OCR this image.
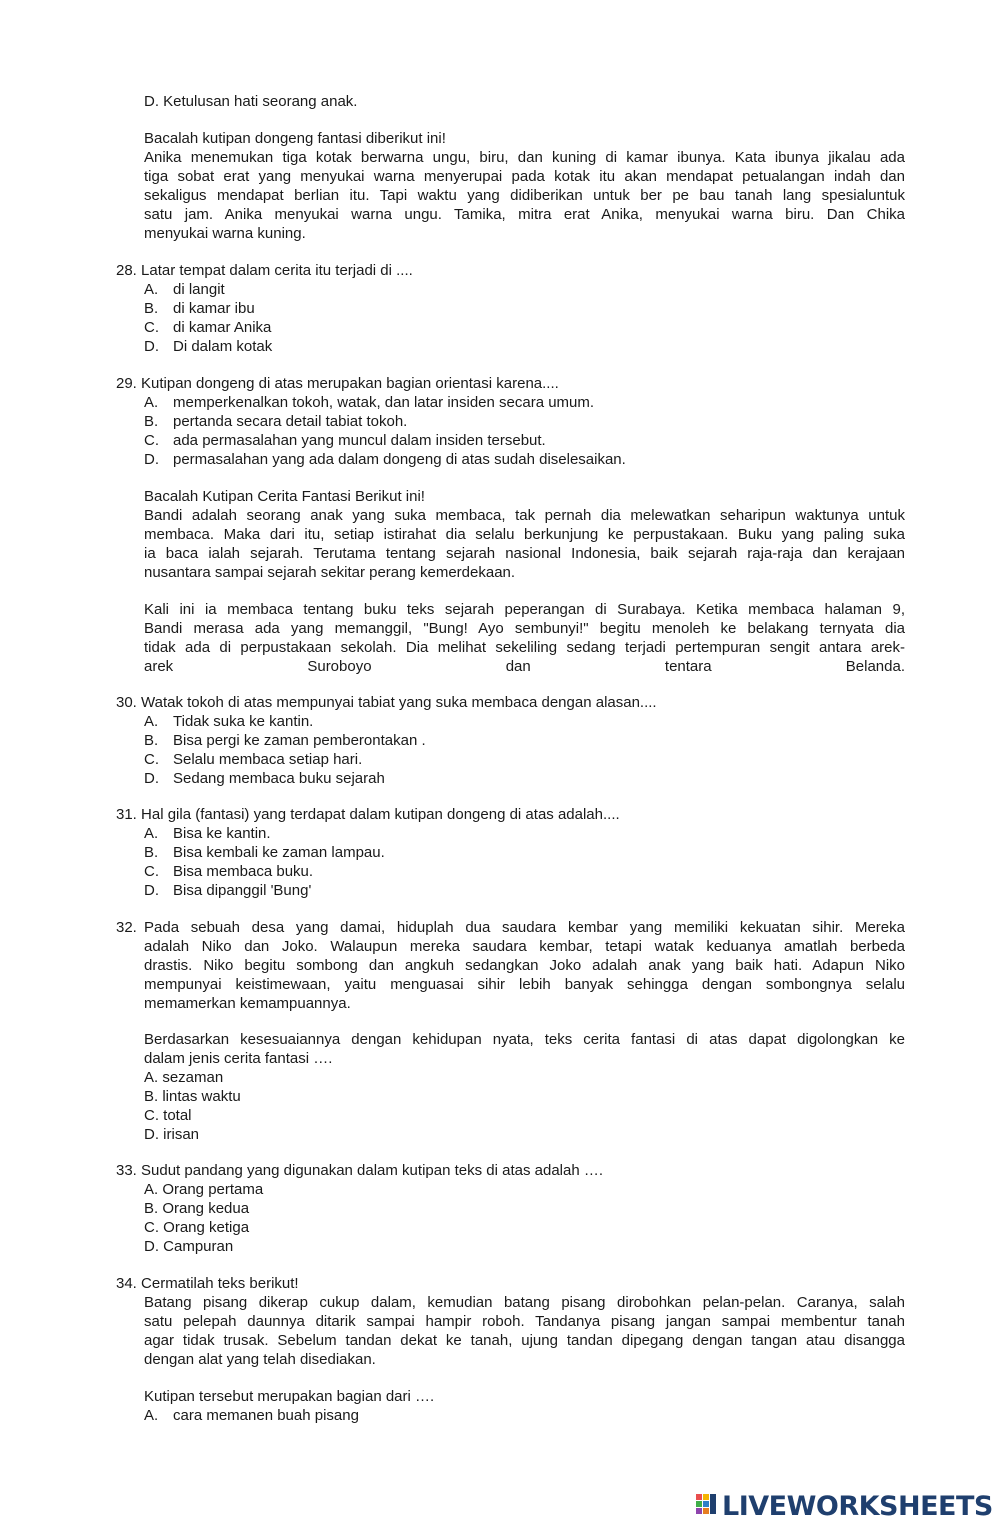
D. Ketulusan hati seorang anak.
Bacalah kutipan dongeng fantasi diberikut ini!
Anika menemukan tiga kotak berwarna ungu, biru, dan kuning di kamar ibunya. Kata ibunya jikalau ada
tiga sobat erat yang menyukai warna menyerupai pada kotak itu akan mendapat petualangan indah dan
sekaligus mendapat berlian itu. Tapi waktu yang didiberikan untuk ber pe bau tanah lang spesialuntuk
satu jam. Anika menyukai warna ungu. Tamika, mitra erat Anika, menyukai warna biru. Dan Chika
menyukai warna kuning.
28. Latar tempat dalam cerita itu terjadi di ....
A. di langit
B. di kamar ibu
C. di kamar Anika
D. Di dalam kotak
29. Kutipan dongeng di atas merupakan bagian orientasi karena....
A. memperkenalkan tokoh, watak, dan latar insiden secara umum.
B. pertanda secara detail tabiat tokoh.
C. ada permasalahan yang muncul dalam insiden tersebut.
D. permasalahan yang ada dalam dongeng di atas sudah diselesaikan.
Bacalah Kutipan Cerita Fantasi Berikut ini!
Bandi adalah seorang anak yang suka membaca, tak pernah dia melewatkan seharipun waktunya untuk
membaca. Maka dari itu, setiap istirahat dia selalu berkunjung ke perpustakaan. Buku yang paling suka
ia baca ialah sejarah. Terutama tentang sejarah nasional Indonesia, baik sejarah raja-raja dan kerajaan
nusantara sampai sejarah sekitar perang kemerdekaan.
Kali ini ia membaca tentang buku teks sejarah peperangan di Surabaya. Ketika membaca halaman 9,
Bandi merasa ada yang memanggil, "Bung! Ayo sembunyi!" begitu menoleh ke belakang ternyata dia
tidak ada di perpustakaan sekolah. Dia melihat sekeliling sedang terjadi pertempuran sengit antara arek-
arek Suroboyo dan tentara Belanda.
30. Watak tokoh di atas mempunyai tabiat yang suka membaca dengan alasan....
A. Tidak suka ke kantin.
B. Bisa pergi ke zaman pemberontakan .
C. Selalu membaca setiap hari.
D. Sedang membaca buku sejarah
31. Hal gila (fantasi) yang terdapat dalam kutipan dongeng di atas adalah....
A. Bisa ke kantin.
B. Bisa kembali ke zaman lampau.
C. Bisa membaca buku.
D. Bisa dipanggil 'Bung'
32. Pada sebuah desa yang damai, hiduplah dua saudara kembar yang memiliki kekuatan sihir. Mereka
adalah Niko dan Joko. Walaupun mereka saudara kembar, tetapi watak keduanya amatlah berbeda
drastis. Niko begitu sombong dan angkuh sedangkan Joko adalah anak yang baik hati. Adapun Niko
mempunyai keistimewaan, yaitu menguasai sihir lebih banyak sehingga dengan sombongnya selalu
memamerkan kemampuannya.
Berdasarkan kesesuaiannya dengan kehidupan nyata, teks cerita fantasi di atas dapat digolongkan ke
dalam jenis cerita fantasi ….
A. sezaman
B. lintas waktu
C. total
D. irisan
33. Sudut pandang yang digunakan dalam kutipan teks di atas adalah ….
A. Orang pertama
B. Orang kedua
C. Orang ketiga
D. Campuran
34. Cermatilah teks berikut!
Batang pisang dikerap cukup dalam, kemudian batang pisang dirobohkan pelan-pelan. Caranya, salah
satu pelepah daunnya ditarik sampai hampir roboh. Tandanya pisang jangan sampai membentur tanah
agar tidak trusak. Sebelum tandan dekat ke tanah, ujung tandan dipegang dengan tangan atau disangga
dengan alat yang telah disediakan.
Kutipan tersebut merupakan bagian dari ….
A. cara memanen buah pisang
LIVEWORKSHEETS
